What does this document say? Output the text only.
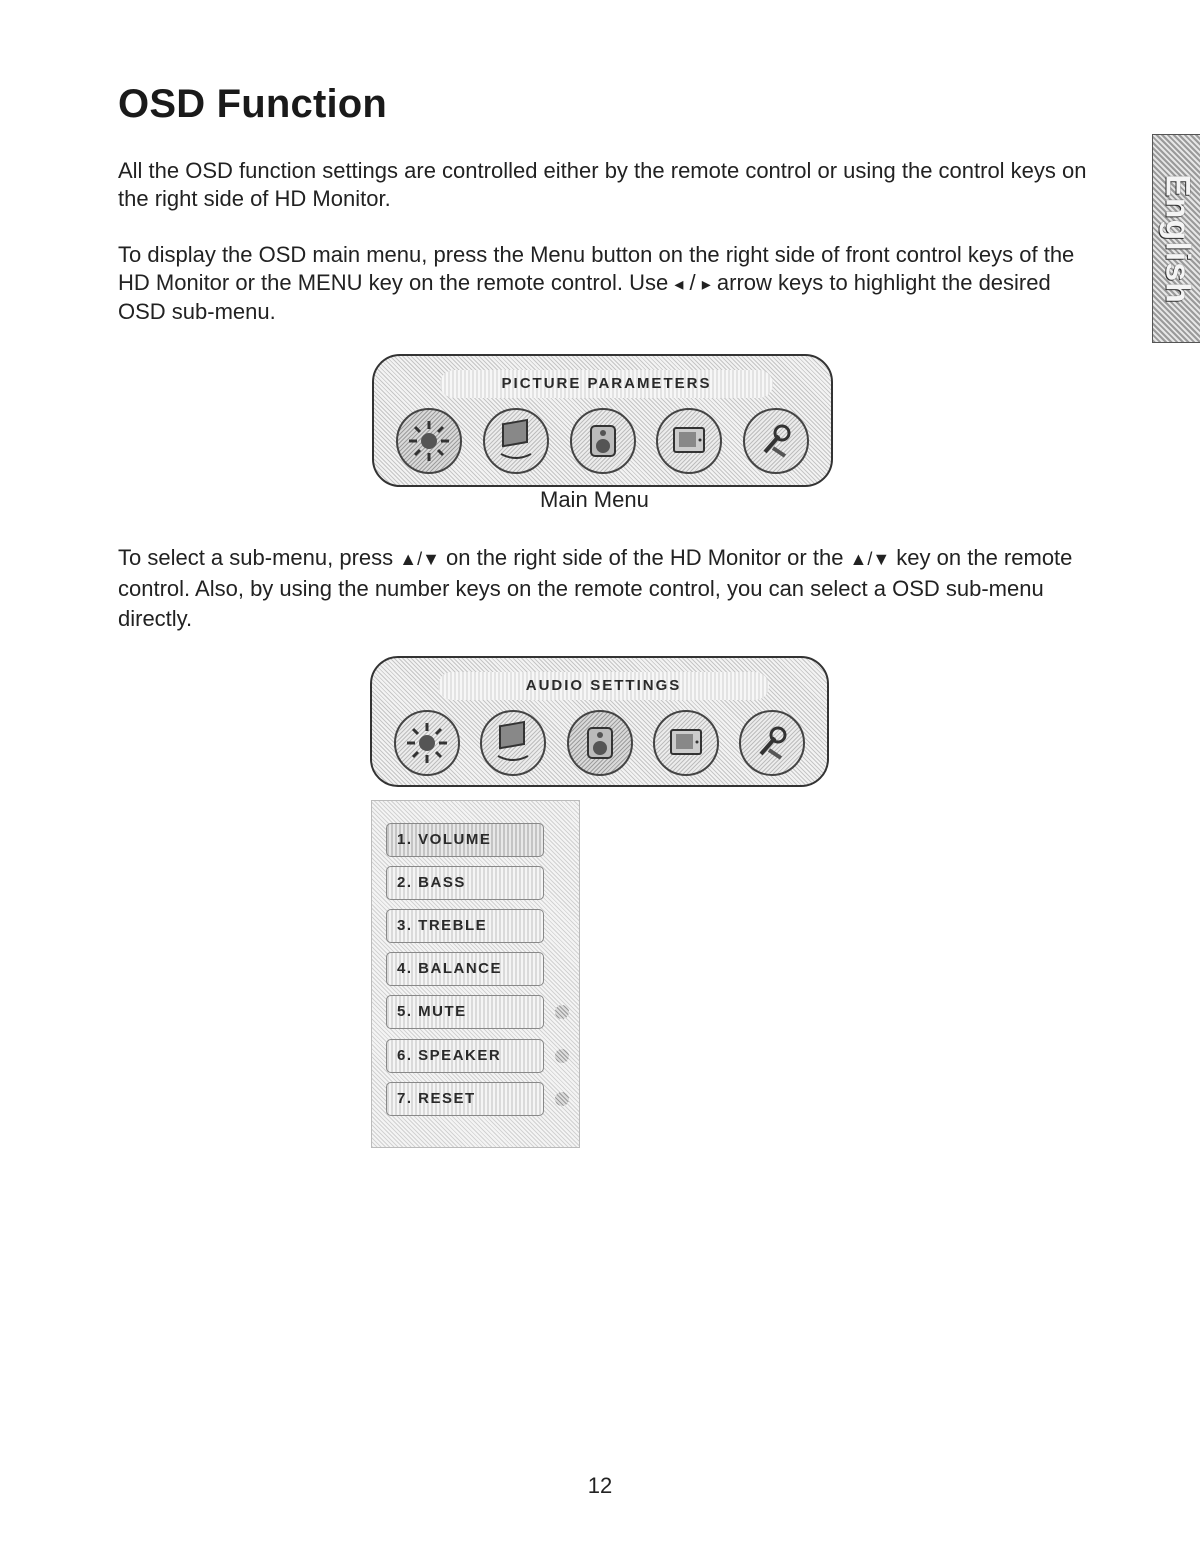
OSD Function
English

All the OSD function settings are controlled either by the remote control or using the control keys on the right side of HD Monitor.

To display the OSD main menu, press the Menu button on the right side of front control keys of the HD Monitor or the MENU key on the remote control. Use ◂ / ▸ arrow keys to highlight the desired OSD sub-menu.

PICTURE PARAMETERS
Main Menu

To select a sub-menu, press ▲/▼ on the right side of the HD Monitor or the ▲/▼ key on the remote control. Also, by using the number keys on the remote control, you can select a OSD sub-menu directly.

AUDIO SETTINGS
1. VOLUME
2. BASS
3. TREBLE
4. BALANCE
5. MUTE
6. SPEAKER
7. RESET
12
